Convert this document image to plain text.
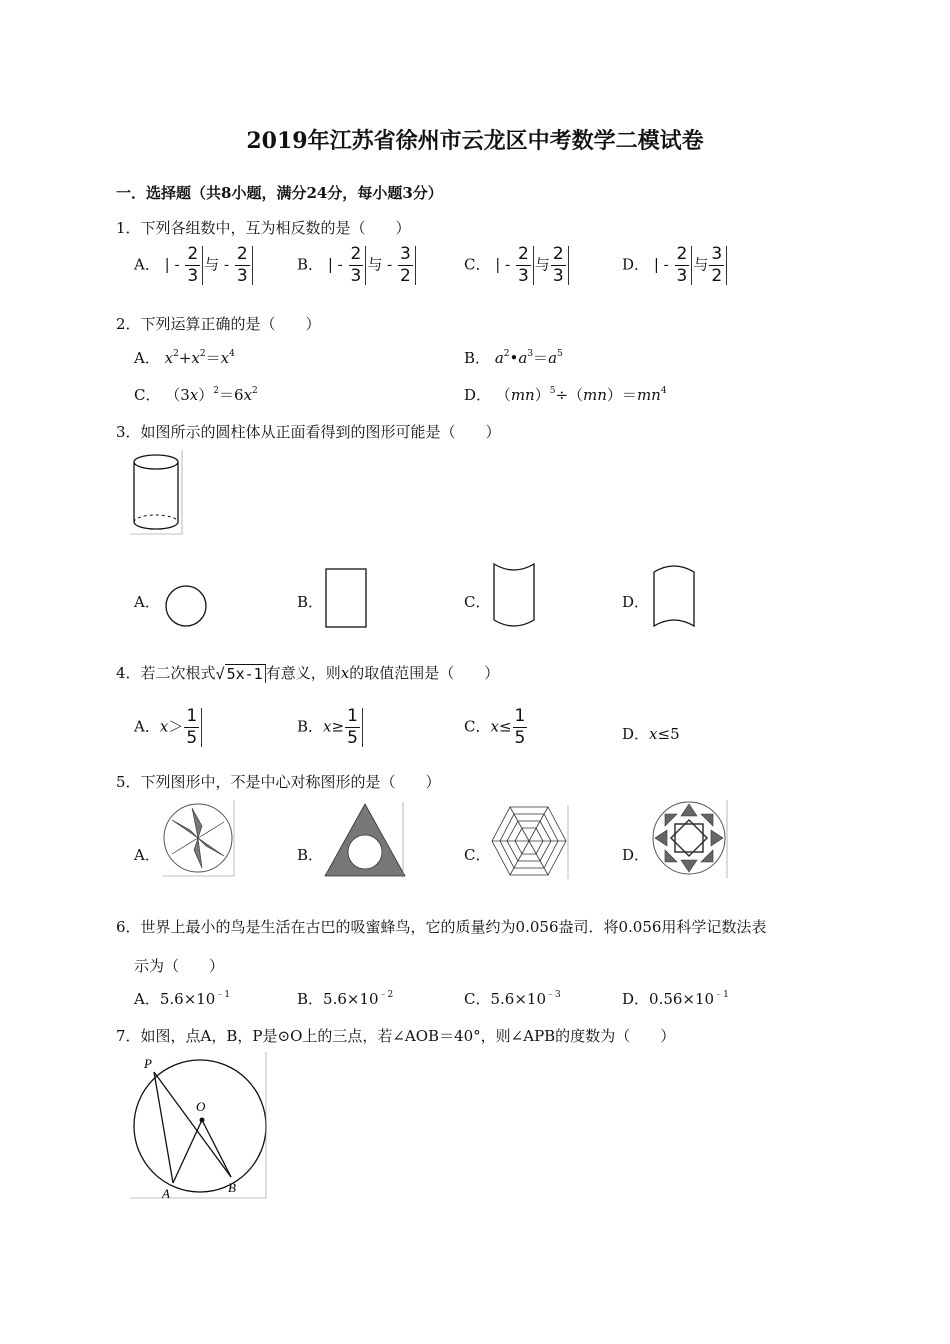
2019年江苏省徐州市云龙区中考数学二模试卷
一．选择题（共8小题，满分24分，每小题3分）
1．下列各组数中，互为相反数的是（　　）
A． | - $\frac{2}{3}$ 与 - $\frac{2}{3}$	B． | - $\frac{2}{3}$ 与 - $\frac{3}{2}$	C． | - $\frac{2}{3}$ 与 $\frac{2}{3}$	D． | - $\frac{2}{3}$ 与 $\frac{3}{2}$
2．下列运算正确的是（　　）
A． $x^2+x^2=x^4$	B． $a^2•a^3=a^5$
C． $(3x)^2=6x^2$	D． $(mn)^5\div(mn)=mn^4$
3．如图所示的圆柱体从正面看得到的图形可能是（　　）
A．	B．	C．	D．
4．若二次根式√ 5x-1 有意义，则x的取值范围是（　　）
A．$x> \frac{1}{5}$	B．$x\ge \frac{1}{5}$	C．$x\le \frac{1}{5}$	D．x≤5
5．下列图形中，不是中心对称图形的是（　　）
A．	B．	C．	D．
6．世界上最小的鸟是生活在古巴的吸蜜蜂鸟，它的质量约为0.056盎司．将0.056用科学记数法表
示为（　　）
A．$5.6\times 10^{﹣1}$	B．$5.6\times 10^{﹣2}$	C．$5.6\times 10^{﹣3}$	D．$0.56\times 10^{﹣1}$
7．如图，点A，B，P是⊙O上的三点，若∠AOB＝40°，则∠APB的度数为（　　）
P
O
A	B
